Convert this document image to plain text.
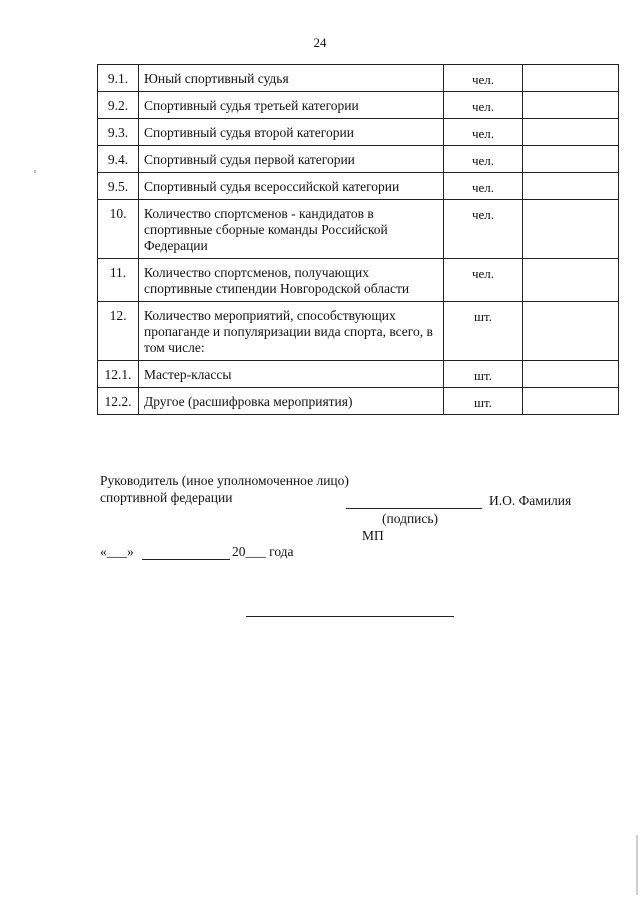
24
9.1.	Юный спортивный судья	чел.	
9.2.	Спортивный судья третьей категории	чел.	
9.3.	Спортивный судья второй категории	чел.	
9.4.	Спортивный судья первой категории	чел.	
9.5.	Спортивный судья всероссийской категории	чел.	
10.	Количество спортсменов - кандидатов в спортивные сборные команды Российской Федерации	чел.	
11.	Количество спортсменов, получающих спортивные стипендии Новгородской области	чел.	
12.	Количество мероприятий, способствующих пропаганде и популяризации вида спорта, всего, в том числе:	шт.	
12.1.	Мастер-классы	шт.	
12.2.	Другое (расшифровка мероприятия)	шт.	
Руководитель (иное уполномоченное лицо)
спортивной федерации	И.О. Фамилия
(подпись)
МП
«___»	20___ года
